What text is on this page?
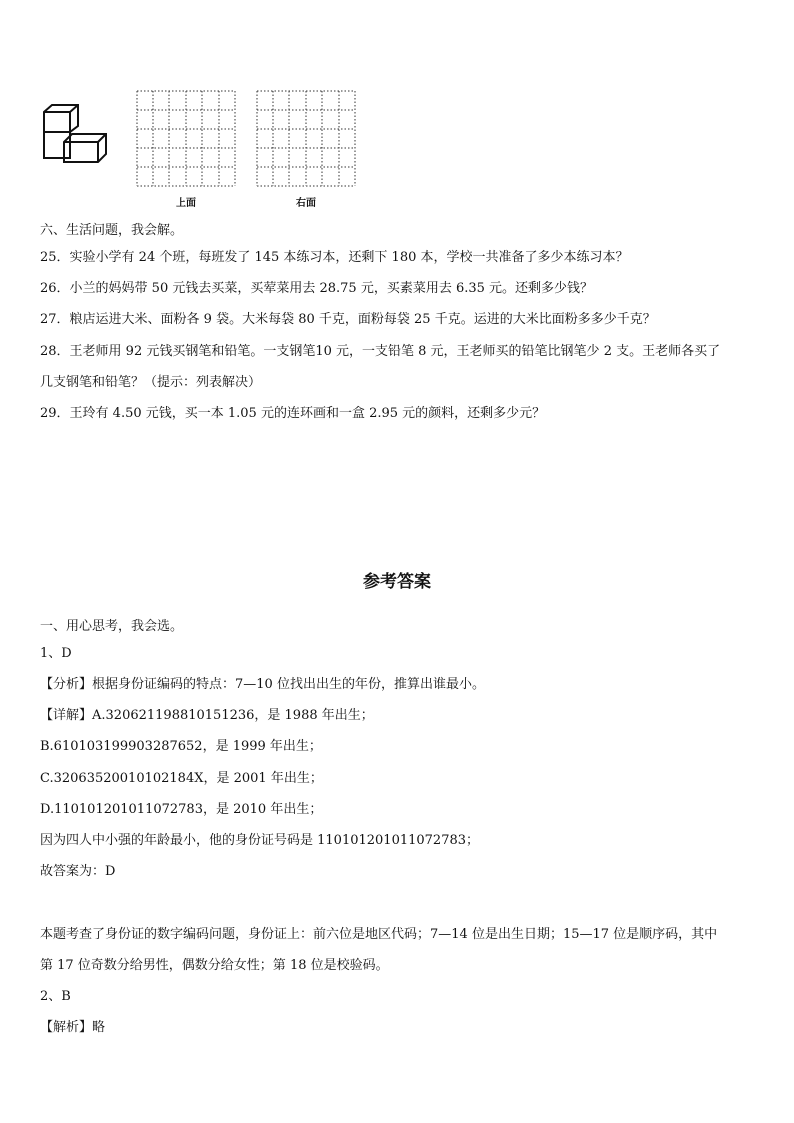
上面	右面
六、生活问题，我会解。
25．实验小学有 24 个班，每班发了 145 本练习本，还剩下 180 本，学校一共准备了多少本练习本？
26．小兰的妈妈带 50 元钱去买菜，买荤菜用去 28.75 元，买素菜用去 6.35 元。还剩多少钱？
27．粮店运进大米、面粉各 9 袋。大米每袋 80 千克，面粉每袋 25 千克。运进的大米比面粉多多少千克？
28．王老师用 92 元钱买钢笔和铅笔。一支钢笔10 元，一支铅笔 8 元，王老师买的铅笔比钢笔少 2 支。王老师各买了
几支钢笔和铅笔？（提示：列表解决）
29．王玲有 4.50 元钱，买一本 1.05 元的连环画和一盒 2.95 元的颜料，还剩多少元？
参考答案
一、用心思考，我会选。
1、D
【分析】根据身份证编码的特点：7—10 位找出出生的年份，推算出谁最小。
【详解】A.320621198810151236，是 1988 年出生；
B.610103199903287652，是 1999 年出生；
C.32063520010102184X，是 2001 年出生；
D.110101201011072783，是 2010 年出生；
因为四人中小强的年龄最小，他的身份证号码是 110101201011072783；
故答案为：D
本题考查了身份证的数字编码问题，身份证上：前六位是地区代码；7—14 位是出生日期；15—17 位是顺序码，其中
第 17 位奇数分给男性，偶数分给女性；第 18 位是校验码。
2、B
【解析】略
